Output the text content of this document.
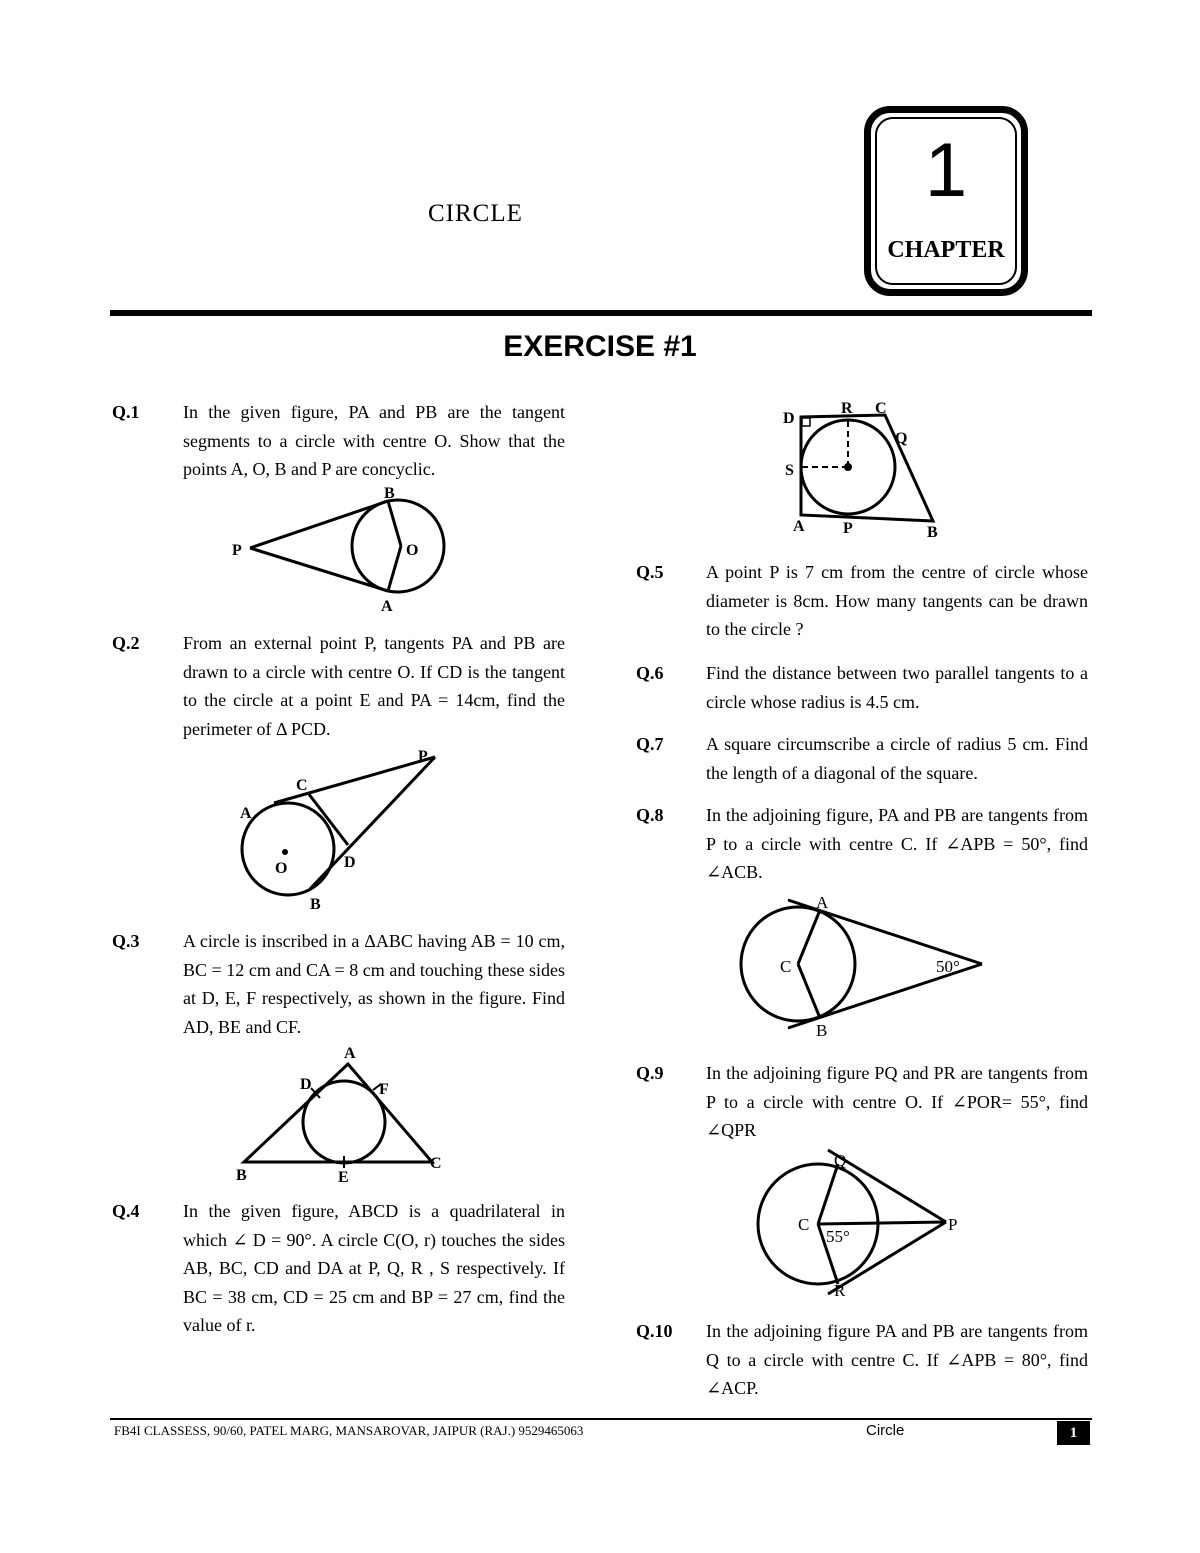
CIRCLE
1
CHAPTER
EXERCISE #1
Q.1 In the given figure, PA and PB are the tangent segments to a circle with centre O. Show that the points A, O, B and P are concyclic.
P
B
O
A
Q.2 From an external point P, tangents PA and PB are drawn to a circle with centre O. If CD is the tangent to the circle at a point E and PA = 14cm, find the perimeter of Δ PCD.
P
C
A
O	D
B
Q.3 A circle is inscribed in a ΔABC having AB = 10 cm, BC = 12 cm and CA = 8 cm and touching these sides at D, E, F respectively, as shown in the figure. Find AD, BE and CF.
A
D	F
B	E
C
Q.4 In the given figure, ABCD is a quadrilateral in which ∠ D = 90°. A circle C(O, r) touches the sides AB, BC, CD and DA at P, Q, R , S respectively. If BC = 38 cm, CD = 25 cm and BP = 27 cm, find the value of r.
D
R C
Q
S
A P	B
Q.5 A point P is 7 cm from the centre of circle whose diameter is 8cm. How many tangents can be drawn to the circle ?
Q.6 Find the distance between two parallel tangents to a circle whose radius is 4.5 cm.
Q.7 A square circumscribe a circle of radius 5 cm. Find the length of a diagonal of the square.
Q.8 In the adjoining figure, PA and PB are tangents from P to a circle with centre C. If ∠APB = 50°, find ∠ACB.
A
C	50°
B
Q.9 In the adjoining figure PQ and PR are tangents from P to a circle with centre O. If ∠POR= 55°, find ∠QPR
Q
C
55°
P
R
Q.10 In the adjoining figure PA and PB are tangents from Q to a circle with centre C. If ∠APB = 80°, find ∠ACP.
FB4I CLASSESS, 90/60, PATEL MARG, MANSAROVAR, JAIPUR (RAJ.) 9529465063	Circle	1
